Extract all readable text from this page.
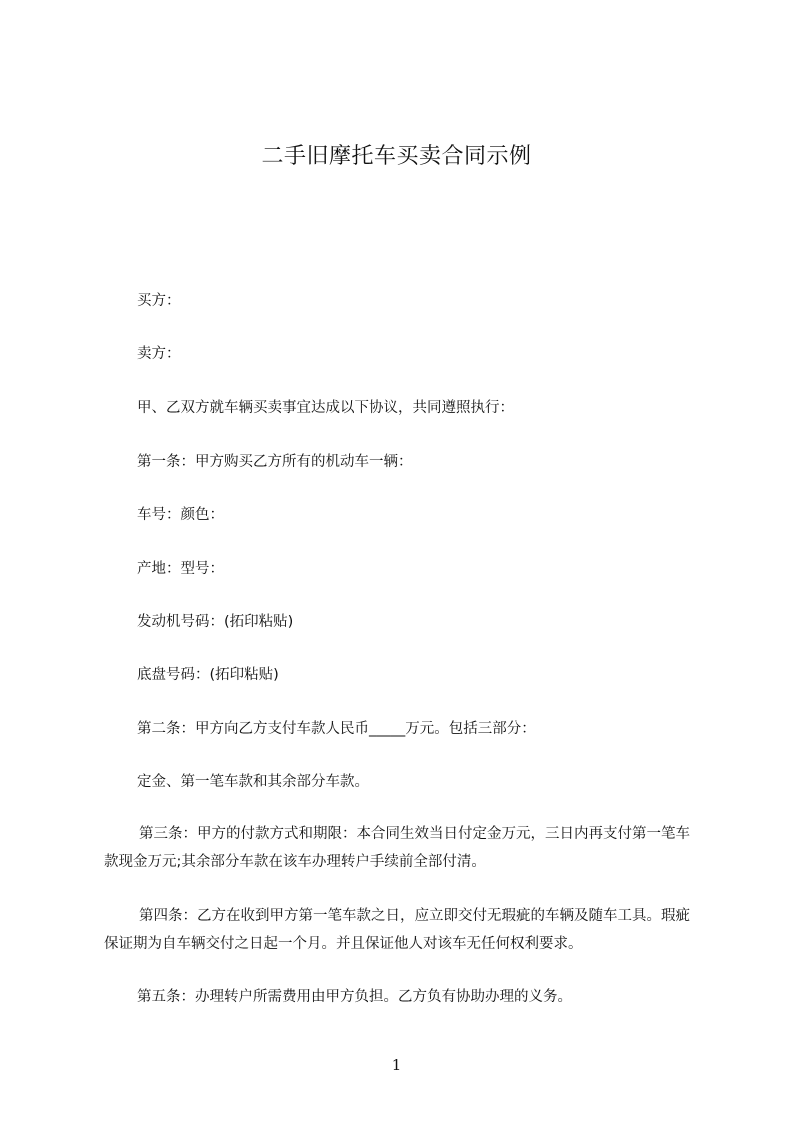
二手旧摩托车买卖合同示例
买方：
卖方：
甲、乙双方就车辆买卖事宜达成以下协议，共同遵照执行：
第一条：甲方购买乙方所有的机动车一辆：
车号：颜色：
产地：型号：
发动机号码：(拓印粘贴)
底盘号码：(拓印粘贴)
第二条：甲方向乙方支付车款人民币_____万元。包括三部分：
定金、第一笔车款和其余部分车款。
第三条：甲方的付款方式和期限：本合同生效当日付定金万元，三日内再支付第一笔车款现金万元;其余部分车款在该车办理转户手续前全部付清。
第四条：乙方在收到甲方第一笔车款之日，应立即交付无瑕疵的车辆及随车工具。瑕疵保证期为自车辆交付之日起一个月。并且保证他人对该车无任何权利要求。
第五条：办理转户所需费用由甲方负担。乙方负有协助办理的义务。
1
